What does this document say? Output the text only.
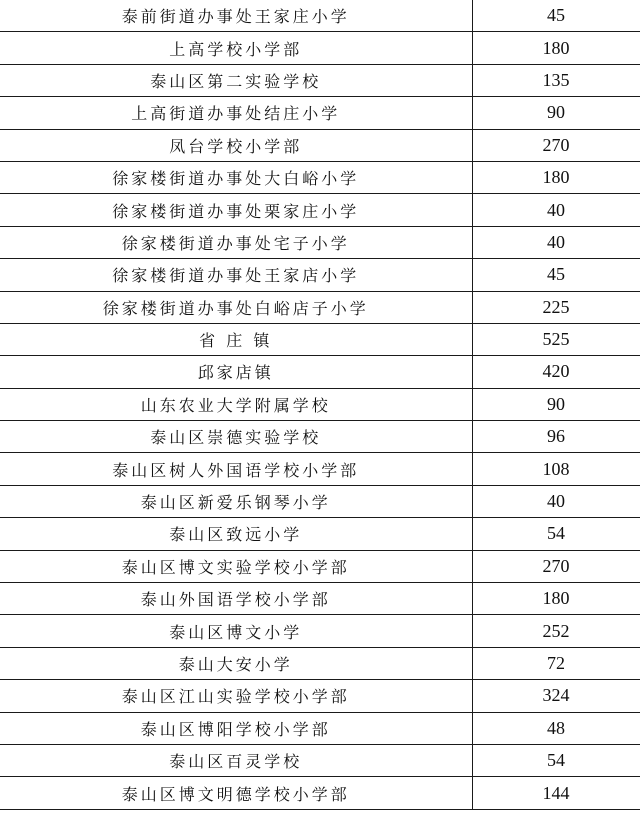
泰前街道办事处王家庄小学	45
上高学校小学部	180
泰山区第二实验学校	135
上高街道办事处结庄小学	90
凤台学校小学部	270
徐家楼街道办事处大白峪小学	180
徐家楼街道办事处栗家庄小学	40
徐家楼街道办事处宅子小学	40
徐家楼街道办事处王家店小学	45
徐家楼街道办事处白峪店子小学	225
省 庄 镇	525
邱家店镇	420
山东农业大学附属学校	90
泰山区崇德实验学校	96
泰山区树人外国语学校小学部	108
泰山区新爱乐钢琴小学	40
泰山区致远小学	54
泰山区博文实验学校小学部	270
泰山外国语学校小学部	180
泰山区博文小学	252
泰山大安小学	72
泰山区江山实验学校小学部	324
泰山区博阳学校小学部	48
泰山区百灵学校	54
泰山区博文明德学校小学部	144
